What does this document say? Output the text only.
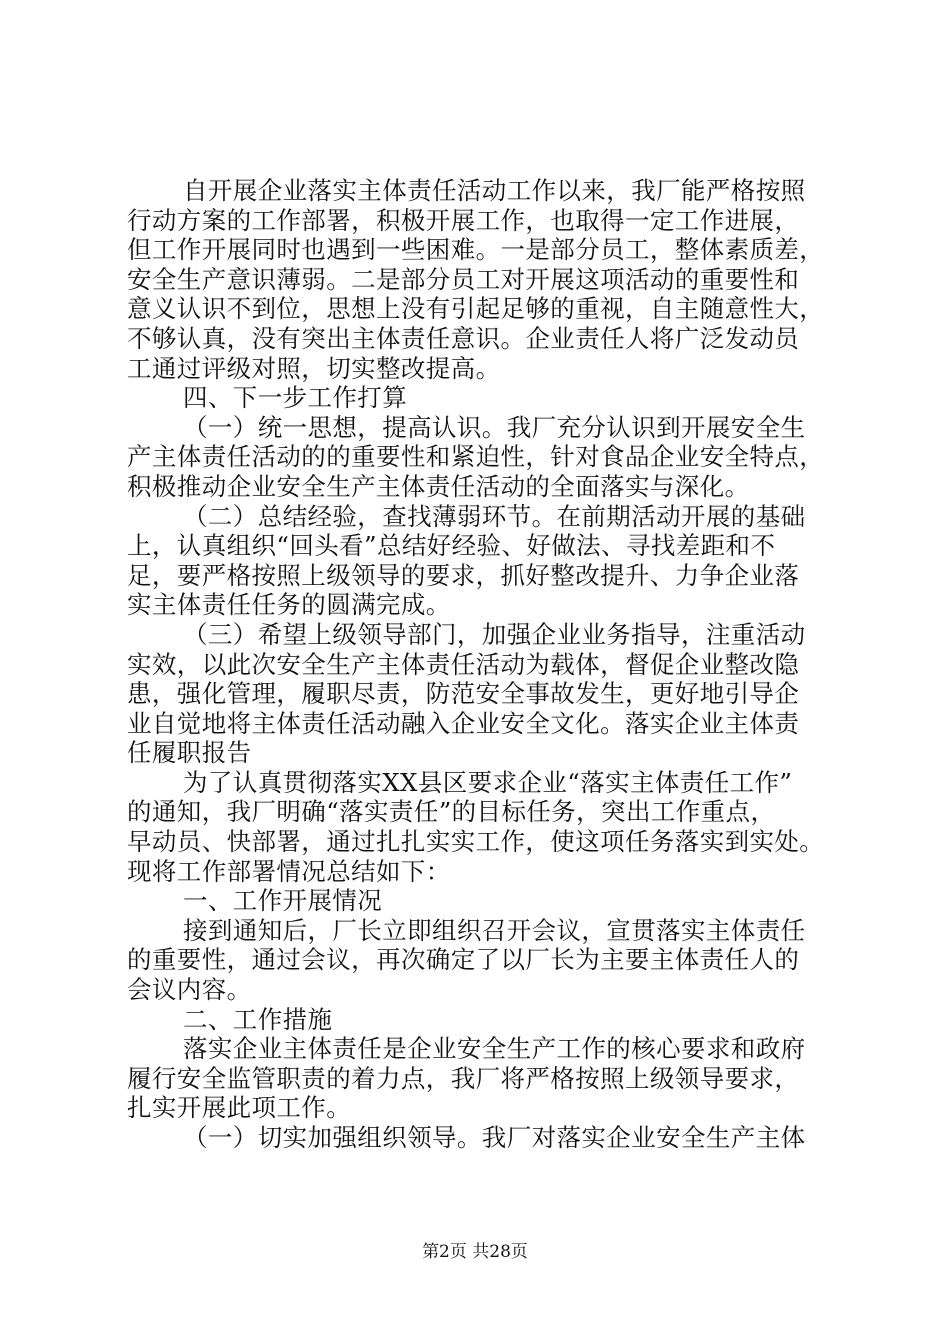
自开展企业落实主体责任活动工作以来，我厂能严格按照
行动方案的工作部署，积极开展工作，也取得一定工作进展，
但工作开展同时也遇到一些困难。一是部分员工，整体素质差，
安全生产意识薄弱。二是部分员工对开展这项活动的重要性和
意义认识不到位，思想上没有引起足够的重视，自主随意性大，
不够认真，没有突出主体责任意识。企业责任人将广泛发动员
工通过评级对照，切实整改提高。
四、下一步工作打算
（一）统一思想，提高认识。我厂充分认识到开展安全生
产主体责任活动的的重要性和紧迫性，针对食品企业安全特点，
积极推动企业安全生产主体责任活动的全面落实与深化。
（二）总结经验，查找薄弱环节。在前期活动开展的基础
上，认真组织“回头看”总结好经验、好做法、寻找差距和不
足，要严格按照上级领导的要求，抓好整改提升、力争企业落
实主体责任任务的圆满完成。
（三）希望上级领导部门，加强企业业务指导，注重活动
实效，以此次安全生产主体责任活动为载体，督促企业整改隐
患，强化管理，履职尽责，防范安全事故发生，更好地引导企
业自觉地将主体责任活动融入企业安全文化。落实企业主体责
任履职报告
为了认真贯彻落实XX县区要求企业“落实主体责任工作”
的通知，我厂明确“落实责任”的目标任务，突出工作重点，
早动员、快部署，通过扎扎实实工作，使这项任务落实到实处。
现将工作部署情况总结如下：
一、工作开展情况
接到通知后，厂长立即组织召开会议，宣贯落实主体责任
的重要性，通过会议，再次确定了以厂长为主要主体责任人的
会议内容。
二、工作措施
落实企业主体责任是企业安全生产工作的核心要求和政府
履行安全监管职责的着力点，我厂将严格按照上级领导要求，
扎实开展此项工作。
（一）切实加强组织领导。我厂对落实企业安全生产主体
第2页 共28页
